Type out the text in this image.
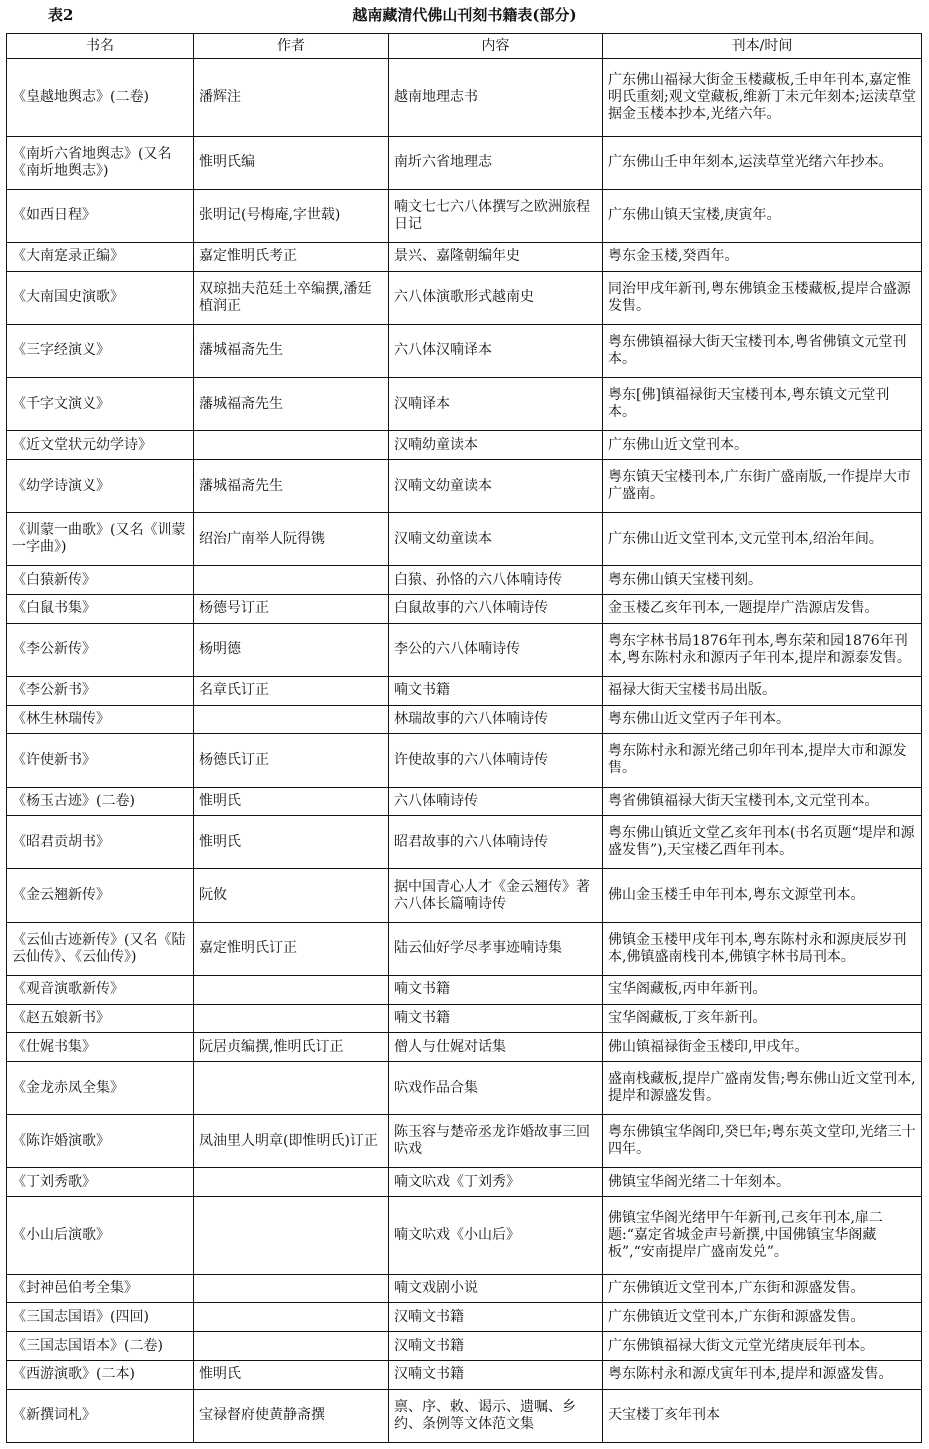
表2	越南藏清代佛山刊刻书籍表(部分)
书名	作者	内容	刊本/时间
《皇越地舆志》(二卷)	潘辉注	越南地理志书	广东佛山福禄大街金玉楼藏板,壬申年刊本,嘉定惟明氏重刻;观文堂藏板,维新丁未元年刻本;运渎草堂据金玉楼本抄本,光绪六年。
《南圻六省地舆志》(又名《南圻地舆志》)	惟明氏编	南圻六省地理志	广东佛山壬申年刻本,运渎草堂光绪六年抄本。
《如西日程》	张明记(号梅庵,字世载)	喃文七七六八体撰写之欧洲旅程日记	广东佛山镇天宝楼,庚寅年。
《大南寔录正编》	嘉定惟明氏考正	景兴、嘉隆朝编年史	粤东金玉楼,癸酉年。
《大南国史演歌》	双琼拙夫范廷土卒编撰,潘廷植润正	六八体演歌形式越南史	同治甲戌年新刊,粤东佛镇金玉楼藏板,提岸合盛源发售。
《三字经演义》	藩城福斋先生	六八体汉喃译本	粤东佛镇福禄大街天宝楼刊本,粤省佛镇文元堂刊本。
《千字文演义》	藩城福斋先生	汉喃译本	粤东[佛]镇福禄街天宝楼刊本,粤东镇文元堂刊本。
《近文堂状元幼学诗》		汉喃幼童读本	广东佛山近文堂刊本。
《幼学诗演义》	藩城福斋先生	汉喃文幼童读本	粤东镇天宝楼刊本,广东街广盛南版,一作提岸大市广盛南。
《训蒙一曲歌》(又名《训蒙一字曲》)	绍治广南举人阮得镌	汉喃文幼童读本	广东佛山近文堂刊本,文元堂刊本,绍治年间。
《白猿新传》		白猿、孙恪的六八体喃诗传	粤东佛山镇天宝楼刊刻。
《白鼠书集》	杨德号订正	白鼠故事的六八体喃诗传	金玉楼乙亥年刊本,一题提岸广浩源店发售。
《李公新传》	杨明德	李公的六八体喃诗传	粤东字林书局1876年刊本,粤东荣和园1876年刊本,粤东陈村永和源丙子年刊本,提岸和源泰发售。
《李公新书》	名章氏订正	喃文书籍	福禄大街天宝楼书局出版。
《林生林瑞传》		林瑞故事的六八体喃诗传	粤东佛山近文堂丙子年刊本。
《许使新书》	杨德氏订正	许使故事的六八体喃诗传	粤东陈村永和源光绪己卯年刊本,提岸大市和源发售。
《杨玉古迹》(二卷)	惟明氏	六八体喃诗传	粤省佛镇福禄大街天宝楼刊本,文元堂刊本。
《昭君贡胡书》	惟明氏	昭君故事的六八体喃诗传	粤东佛山镇近文堂乙亥年刊本(书名页题“堤岸和源盛发售”),天宝楼乙酉年刊本。
《金云翘新传》	阮攸	据中国青心人才《金云翘传》著六八体长篇喃诗传	佛山金玉楼壬申年刊本,粤东文源堂刊本。
《云仙古迹新传》(又名《陆云仙传》、《云仙传》)	嘉定惟明氏订正	陆云仙好学尽孝事迹喃诗集	佛镇金玉楼甲戌年刊本,粤东陈村永和源庚辰岁刊本,佛镇盛南栈刊本,佛镇字林书局刊本。
《观音演歌新传》		喃文书籍	宝华阁藏板,丙申年新刊。
《赵五娘新书》		喃文书籍	宝华阁藏板,丁亥年新刊。
《仕娓书集》	阮居贞编撰,惟明氏订正	僧人与仕娓对话集	佛山镇福禄街金玉楼印,甲戌年。
《金龙赤凤全集》		𠯿戏作品合集	盛南栈藏板,提岸广盛南发售;粤东佛山近文堂刊本,提岸和源盛发售。
《陈诈婚演歌》	凤油里人明章(即惟明氏)订正	陈玉容与楚帝丞龙诈婚故事三回𠯿戏	粤东佛镇宝华阁印,癸巳年;粤东英文堂印,光绪三十四年。
《丁刘秀歌》		喃文𠯿戏《丁刘秀》	佛镇宝华阁光绪二十年刻本。
《小山后演歌》		喃文𠯿戏《小山后》	佛镇宝华阁光绪甲午年新刊,己亥年刊本,扉二题:“嘉定省城金声号新撰,中国佛镇宝华阁藏板”,“安南提岸广盛南发兑”。
《封神邑伯考全集》		喃文戏剧小说	广东佛镇近文堂刊本,广东街和源盛发售。
《三国志国语》(四回)		汉喃文书籍	广东佛镇近文堂刊本,广东街和源盛发售。
《三国志国语本》(二卷)		汉喃文书籍	广东佛镇福禄大街文元堂光绪庚辰年刊本。
《西游演歌》(二本)	惟明氏	汉喃文书籍	粤东陈村永和源戊寅年刊本,提岸和源盛发售。
《新撰词札》	宝禄督府使黄静斋撰	禀、序、敕、谒示、遗嘱、乡约、条例等文体范文集	天宝楼丁亥年刊本
